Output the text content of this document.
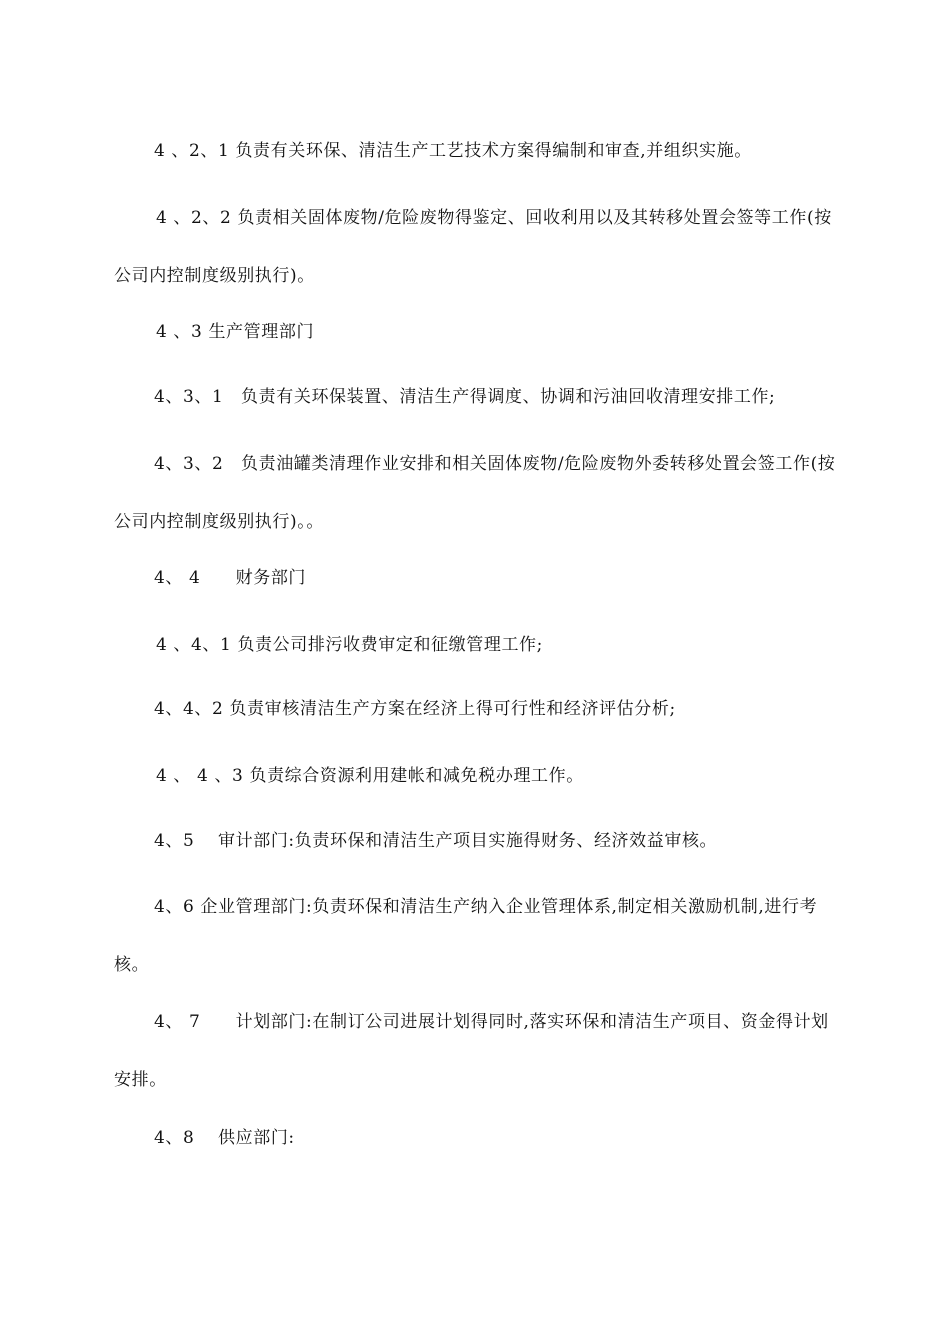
4 、2、1 负责有关环保、清洁生产工艺技术方案得编制和审查,并组织实施。

4 、2、2 负责相关固体废物/危险废物得鉴定、回收利用以及其转移处置会签等工作(按公司内控制度级别执行)。

4 、3 生产管理部门

4、3、1　负责有关环保装置、清洁生产得调度、协调和污油回收清理安排工作;

4、3、2　负责油罐类清理作业安排和相关固体废物/危险废物外委转移处置会签工作(按公司内控制度级别执行)。。

4、 4　　财务部门

4 、4、1 负责公司排污收费审定和征缴管理工作;

4、4、2 负责审核清洁生产方案在经济上得可行性和经济评估分析;

4 、 4 、3 负责综合资源利用建帐和减免税办理工作。

4、5　 审计部门:负责环保和清洁生产项目实施得财务、经济效益审核。

4、6 企业管理部门:负责环保和清洁生产纳入企业管理体系,制定相关激励机制,进行考核。

4、 7　　计划部门:在制订公司进展计划得同时,落实环保和清洁生产项目、资金得计划安排。

4、8　 供应部门:
